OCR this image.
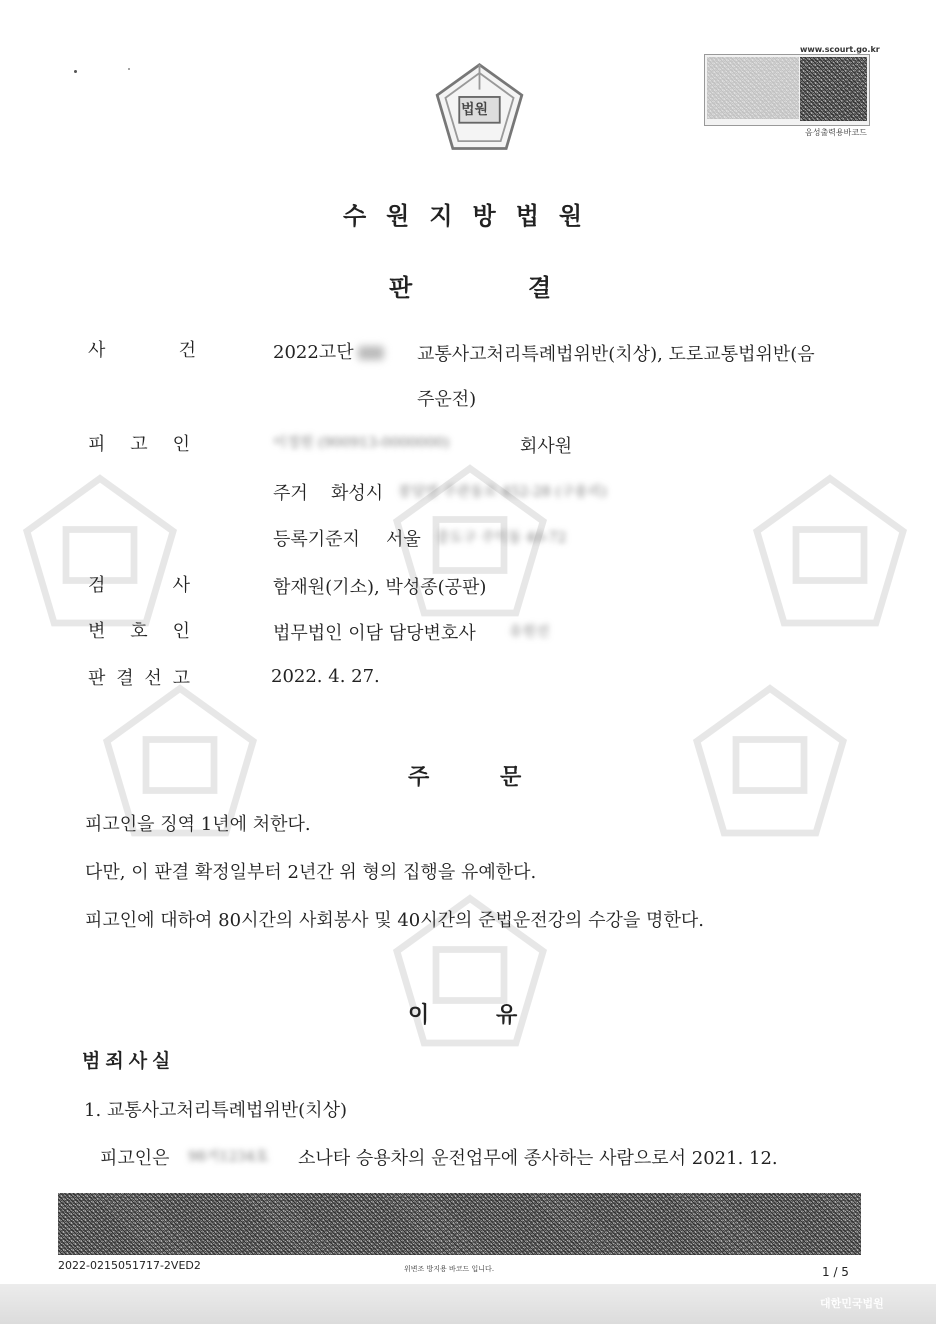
법원
www.scourt.go.kr
음성출력용바코드
수원지방법원
판	결
사	건	2022고단	교통사고처리특례법위반(치상), 도로교통법위반(음
주운전)
피 고 인	이정원 (900913-0000000)	회사원
주거 화성시 봉담면 주관동로 452-28 (구용리)
등록기준지 서울 중도구 주익동 40-72
검	사	함재원(기소), 박성종(공판)
변 호 인	법무법인 이담 담당변호사 유원선
판 결 선 고	2022. 4. 27.
주	문
피고인을 징역 1년에 처한다.
다만, 이 판결 확정일부터 2년간 위 형의 집행을 유예한다.
피고인에 대하여 80시간의 사회봉사 및 40시간의 준법운전강의 수강을 명한다.
이	유
범죄사실
1. 교통사고처리특례법위반(치상)
피고인은 98거1234호 소나타 승용차의 운전업무에 종사하는 사람으로서 2021. 12.
2022-0215051717-2VED2	위변조 방지용 바코드 입니다.	1 / 5
대한민국법원
